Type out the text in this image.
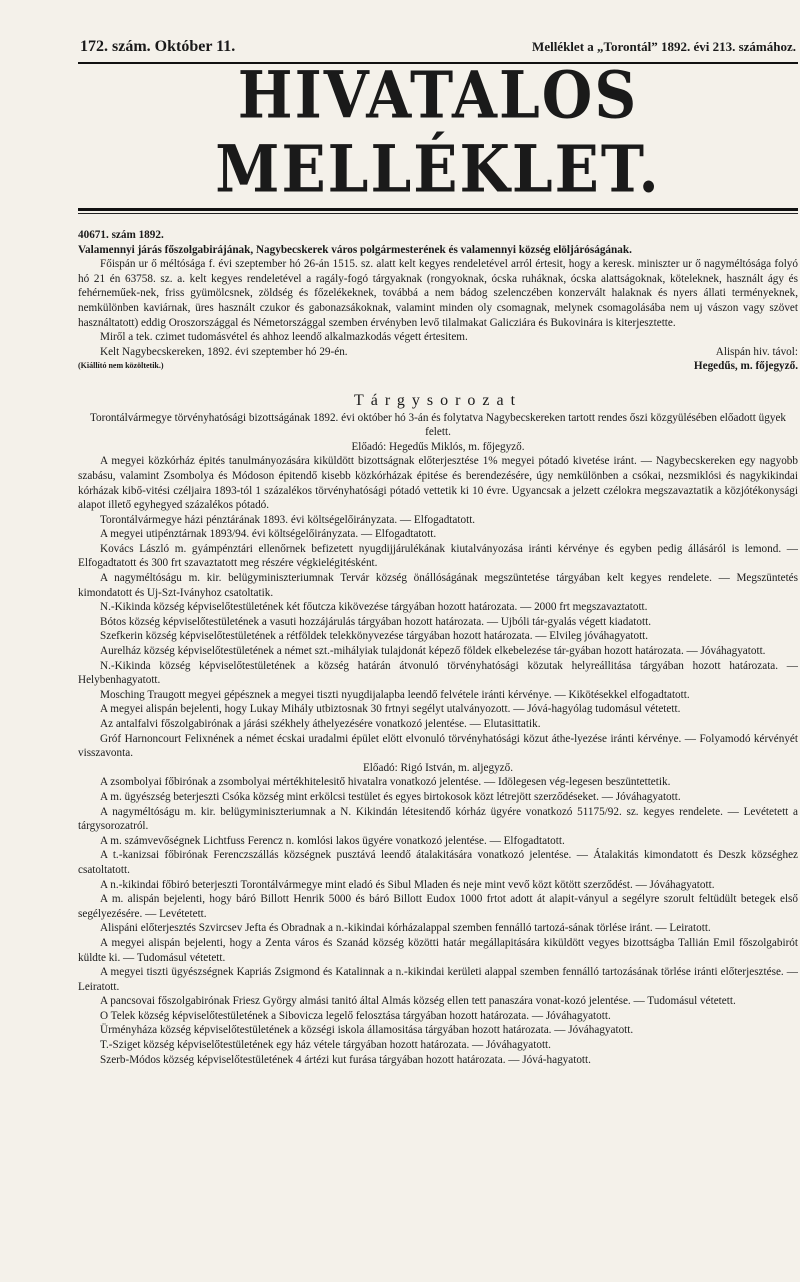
172. szám. Október 11.	Melléklet a „Torontál” 1892. évi 213. számához.
HIVATALOS MELLÉKLET.

40671. szám 1892.

Valamennyi járás főszolgabirájának, Nagybecskerek város polgármesterének és valamennyi község elöljáróságának.

Főispán ur ő méltósága f. évi szeptember hó 26-án 1515. sz. alatt kelt kegyes rendeletével arról értesit, hogy a keresk. miniszter ur ő nagyméltósága folyó hó 21 én 63758. sz. a. kelt kegyes rendeletével a ragály-fogó tárgyaknak (rongyoknak, ócska ruháknak, ócska alattságoknak, köteleknek, használt ágy és fehérneműek-nek, friss gyümölcsnek, zöldség és főzelékeknek, továbbá a nem bádog szelenczében konzervált halaknak és nyers állati terményeknek, nemkülönben kaviárnak, üres használt czukor és gabonazsákoknak, valamint minden oly csomagnak, melynek csomagolásába nem uj vászon vagy szövet használtatott) eddig Oroszországgal és Németországgal szemben érvényben levő tilalmakat Galicziára és Bukovinára is kiterjesztette.

Miről a tek. czimet tudomásvétel és ahhoz leendő alkalmazkodás végett értesitem.

Kelt Nagybecskereken, 1892. évi szeptember hó 29-én.	Alispán hiv. távol:
(Kiállító nem közöltetik.)	Hegedűs, m. főjegyző.
Tárgysorozat

Torontálvármegye törvényhatósági bizottságának 1892. évi október hó 3-án és folytatva Nagybecskereken tartott rendes őszi közgyülésében előadott ügyek felett.

Előadó: Hegedűs Miklós, m. főjegyző.

A megyei közkórház épités tanulmányozására kiküldött bizottságnak előterjesztése 1% megyei pótadó kivetése iránt. — Nagybecskereken egy nagyobb szabásu, valamint Zsombolya és Módoson épitendő kisebb közkórházak épitése és berendezésére, úgy nemkülönben a csókai, nezsmiklósi és nagykikindai kórházak kibő-vitési czéljaira 1893-tól 1 százalékos törvényhatósági pótadó vettetik ki 10 évre. Ugyancsak a jelzett czélokra megszavaztatik a közjótékonysági alapot illető egyhegyed százalékos pótadó.

Torontálvármegye házi pénztárának 1893. évi költségelőirányzata. — Elfogadtatott.

A megyei utipénztárnak 1893/94. évi költségelőirányzata. — Elfogadtatott.

Kovács László m. gyámpénztári ellenőrnek befizetett nyugdijjárulékának kiutalványozása iránti kérvénye és egyben pedig állásáról is lemond. — Elfogadtatott és 300 frt szavaztatott meg részére végkielégitésként.

A nagyméltóságu m. kir. belügyminiszteriumnak Tervár község önállóságának megszüntetése tárgyában kelt kegyes rendelete. — Megszüntetés kimondatott és Uj-Szt-Iványhoz csatoltatik.

N.-Kikinda község képviselőtestületének két főutcza kikövezése tárgyában hozott határozata. — 2000 frt megszavaztatott.

Bótos község képviselőtestületének a vasuti hozzájárulás tárgyában hozott határozata. — Ujbóli tár-gyalás végett kiadatott.

Szefkerin község képviselőtestületének a rétföldek telekkönyvezése tárgyában hozott határozata. — Elvileg jóváhagyatott.

Aurelház község képviselőtestületének a német szt.-mihályiak tulajdonát képező földek elkebelezése tár-gyában hozott határozata. — Jóváhagyatott.

N.-Kikinda község képviselőtestületének a község határán átvonuló törvényhatósági közutak helyreállitása tárgyában hozott határozata. — Helybenhagyatott.

Mosching Traugott megyei gépésznek a megyei tiszti nyugdijalapba leendő felvétele iránti kérvénye. — Kikötésekkel elfogadtatott.

A megyei alispán bejelenti, hogy Lukay Mihály utbiztosnak 30 frtnyi segélyt utalványozott. — Jóvá-hagyólag tudomásul vétetett.

Az antalfalvi főszolgabirónak a járási székhely áthelyezésére vonatkozó jelentése. — Elutasittatik.

Gróf Harnoncourt Felixnének a német écskai uradalmi épület elött elvonuló törvényhatósági közut áthe-lyezése iránti kérvénye. — Folyamodó kérvényét visszavonta.

Előadó: Rigó István, m. aljegyző.

A zsombolyai főbirónak a zsombolyai mértékhitelesitő hivatalra vonatkozó jelentése. — Idölegesen vég-legesen beszüntettetik.

A m. ügyészség beterjeszti Csóka község mint erkölcsi testület és egyes birtokosok közt létrejött szerződéseket. — Jóváhagyatott.

A nagyméltóságu m. kir. belügyminiszteriumnak a N. Kikindán létesitendő kórház ügyére vonatkozó 51175/92. sz. kegyes rendelete. — Levétetett a tárgysorozatról.

A m. számvevőségnek Lichtfuss Ferencz n. komlósi lakos ügyére vonatkozó jelentése. — Elfogadtatott.

A t.-kanizsai főbirónak Ferenczszállás községnek pusztává leendő átalakitására vonatkozó jelentése. — Átalakitás kimondatott és Deszk községhez csatoltatott.

A n.-kikindai főbiró beterjeszti Torontálvármegye mint eladó és Sibul Mladen és neje mint vevő közt kötött szerződést. — Jóváhagyatott.

A m. alispán bejelenti, hogy báró Billott Henrik 5000 és báró Billott Eudox 1000 frtot adott át alapit-ványul a segélyre szorult feltüdült betegek első segélyezésére. — Levétetett.

Alispáni előterjesztés Szvircsev Jefta és Obradnak a n.-kikindai kórházalappal szemben fennálló tartozá-sának törlése iránt. — Leiratott.

A megyei alispán bejelenti, hogy a Zenta város és Szanád község közötti határ megállapitására kiküldött vegyes bizottságba Tallián Emil főszolgabirót küldte ki. — Tudomásul vétetett.

A megyei tiszti ügyészségnek Kapriás Zsigmond és Katalinnak a n.-kikindai kerületi alappal szemben fennálló tartozásának törlése iránti előterjesztése. — Leiratott.

A pancsovai főszolgabirónak Friesz György almási tanitó által Almás község ellen tett panaszára vonat-kozó jelentése. — Tudomásul vétetett.

O Telek község képviselőtestületének a Sibovicza legelő felosztása tárgyában hozott határozata. — Jóváhagyatott.

Ürményháza község képviselőtestületének a községi iskola államositása tárgyában hozott határozata. — Jóváhagyatott.

T.-Sziget község képviselőtestületének egy ház vétele tárgyában hozott határozata. — Jóváhagyatott.

Szerb-Módos község képviselőtestületének 4 ártézi kut furása tárgyában hozott határozata. — Jóvá-hagyatott.
